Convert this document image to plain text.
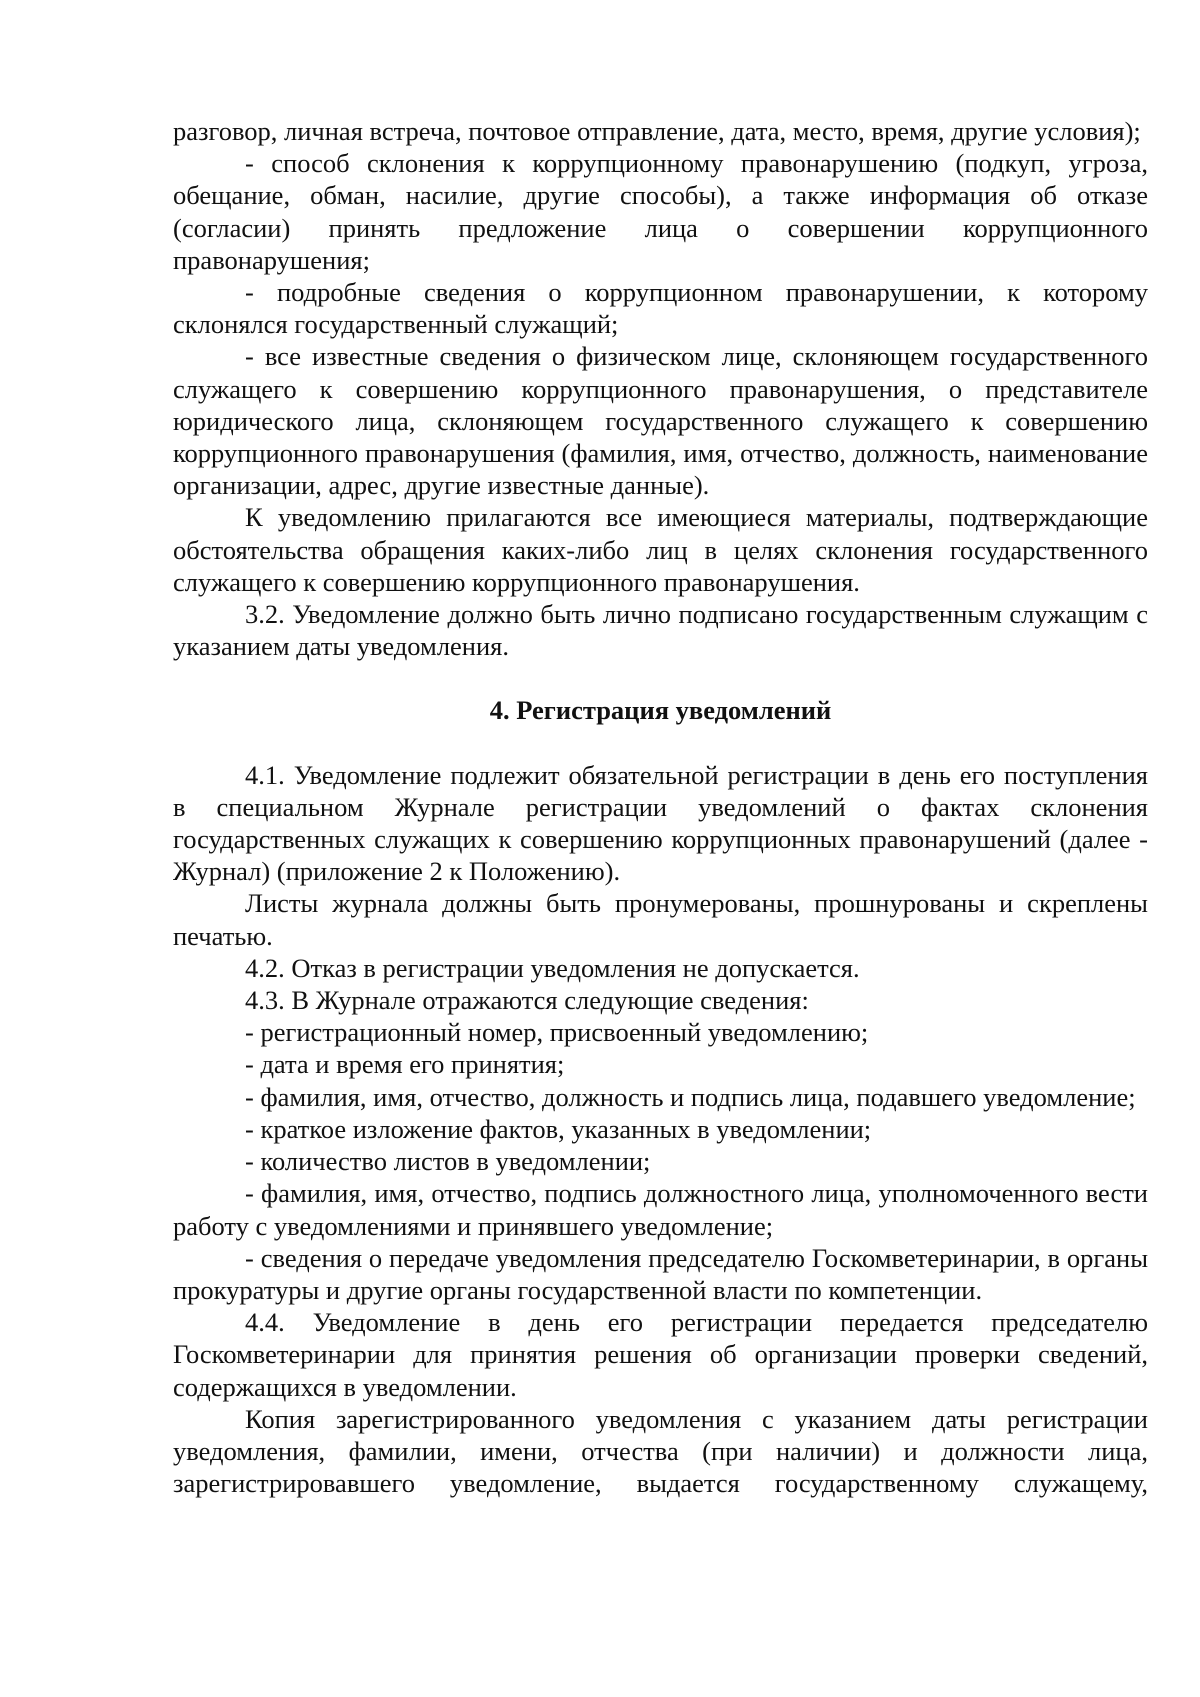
разговор, личная встреча, почтовое отправление, дата, место, время, другие условия);

- способ склонения к коррупционному правонарушению (подкуп, угроза, обещание, обман, насилие, другие способы), а также информация об отказе (согласии) принять предложение лица о совершении коррупционного правонарушения;

- подробные сведения о коррупционном правонарушении, к которому склонялся государственный служащий;

- все известные сведения о физическом лице, склоняющем государственного служащего к совершению коррупционного правонарушения, о представителе юридического лица, склоняющем государственного служащего к совершению коррупционного правонарушения (фамилия, имя, отчество, должность, наименование организации, адрес, другие известные данные).

К уведомлению прилагаются все имеющиеся материалы, подтверждающие обстоятельства обращения каких-либо лиц в целях склонения государственного служащего к совершению коррупционного правонарушения.

3.2. Уведомление должно быть лично подписано государственным служащим с указанием даты уведомления.

4. Регистрация уведомлений

4.1. Уведомление подлежит обязательной регистрации в день его поступления в специальном Журнале регистрации уведомлений о фактах склонения государственных служащих к совершению коррупционных правонарушений (далее - Журнал) (приложение 2 к Положению).

Листы журнала должны быть пронумерованы, прошнурованы и скреплены печатью.

4.2. Отказ в регистрации уведомления не допускается.

4.3. В Журнале отражаются следующие сведения:

- регистрационный номер, присвоенный уведомлению;

- дата и время его принятия;

- фамилия, имя, отчество, должность и подпись лица, подавшего уведомление;

- краткое изложение фактов, указанных в уведомлении;

- количество листов в уведомлении;

- фамилия, имя, отчество, подпись должностного лица, уполномоченного вести работу с уведомлениями и принявшего уведомление;

- сведения о передаче уведомления председателю Госкомветеринарии, в органы прокуратуры и другие органы государственной власти по компетенции.

4.4. Уведомление в день его регистрации передается председателю Госкомветеринарии для принятия решения об организации проверки сведений, содержащихся в уведомлении.

Копия зарегистрированного уведомления с указанием даты регистрации уведомления, фамилии, имени, отчества (при наличии) и должности лица, зарегистрировавшего уведомление, выдается государственному служащему,
